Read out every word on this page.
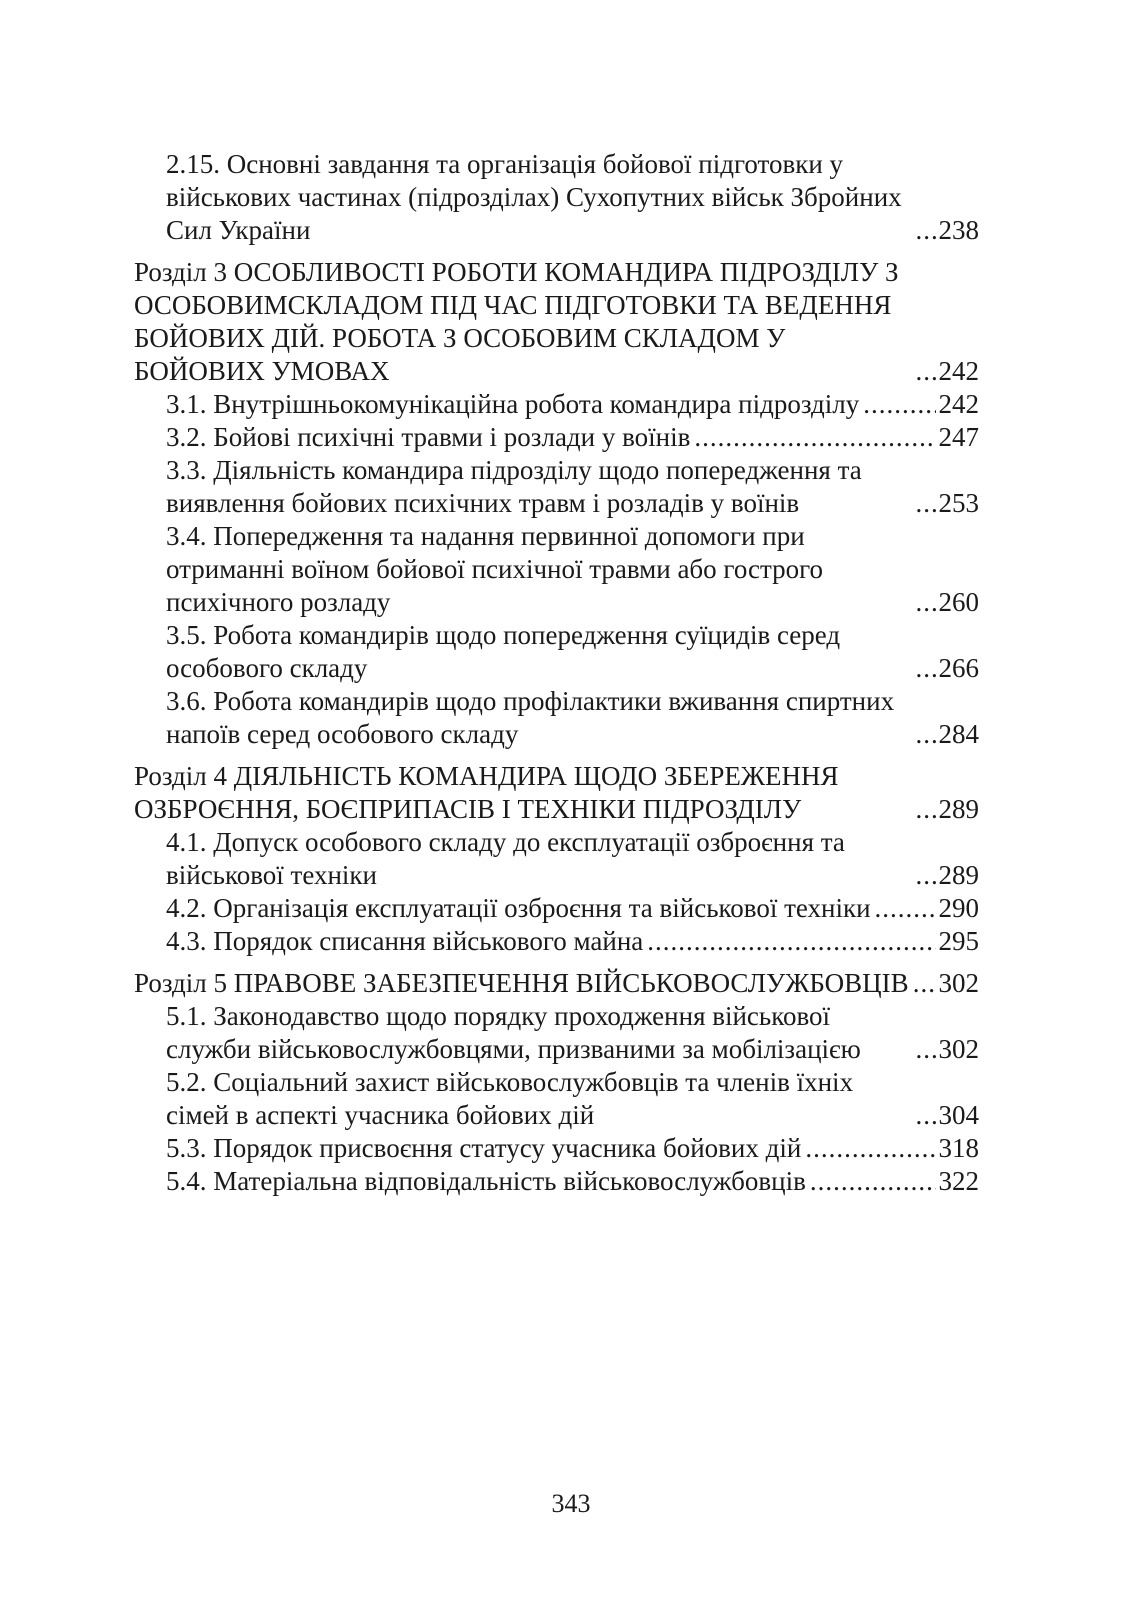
2.15. Основні завдання та організація бойової підготовки у військових частинах (підрозділах) Сухопутних військ Збройних Сил України .....	238
Розділ 3 ОСОБЛИВОСТІ РОБОТИ КОМАНДИРА ПІДРОЗДІЛУ З ОСОБОВИМСКЛАДОМ ПІД ЧАС ПІДГОТОВКИ ТА ВЕДЕННЯ БОЙОВИХ ДІЙ. РОБОТА З ОСОБОВИМ СКЛАДОМ У БОЙОВИХ УМОВАХ .....	242
3.1. Внутрішньокомунікаційна робота командира підрозділу .....	242
3.2. Бойові психічні травми і розлади у воїнів .....	247
3.3. Діяльність командира підрозділу щодо попередження та виявлення бойових психічних травм і розладів у воїнів .....	253
3.4. Попередження та надання первинної допомоги при отриманні воїном бойової психічної травми або гострого психічного розладу .....	260
3.5. Робота командирів щодо попередження суїцидів серед особового складу .....	266
3.6. Робота командирів щодо профілактики вживання спиртних напоїв серед особового складу .....	284
Розділ 4 ДІЯЛЬНІСТЬ КОМАНДИРА ЩОДО ЗБЕРЕЖЕННЯ ОЗБРОЄННЯ, БОЄПРИПАСІВ І ТЕХНІКИ ПІДРОЗДІЛУ .....	289
4.1. Допуск особового складу до експлуатації озброєння та військової техніки .....	289
4.2. Організація експлуатації озброєння та військової техніки .....	290
4.3. Порядок списання військового майна .....	295
Розділ 5 ПРАВОВЕ ЗАБЕЗПЕЧЕННЯ ВІЙСЬКОВОСЛУЖБОВЦІВ ..... 302
5.1. Законодавство щодо порядку проходження військової служби військовослужбовцями, призваними за мобілізацією .....	302
5.2. Соціальний захист військовослужбовців та членів їхніх сімей в аспекті учасника бойових дій .....	304
5.3. Порядок присвоєння статусу учасника бойових дій .....	318
5.4. Матеріальна відповідальність військовослужбовців .....	322
343
